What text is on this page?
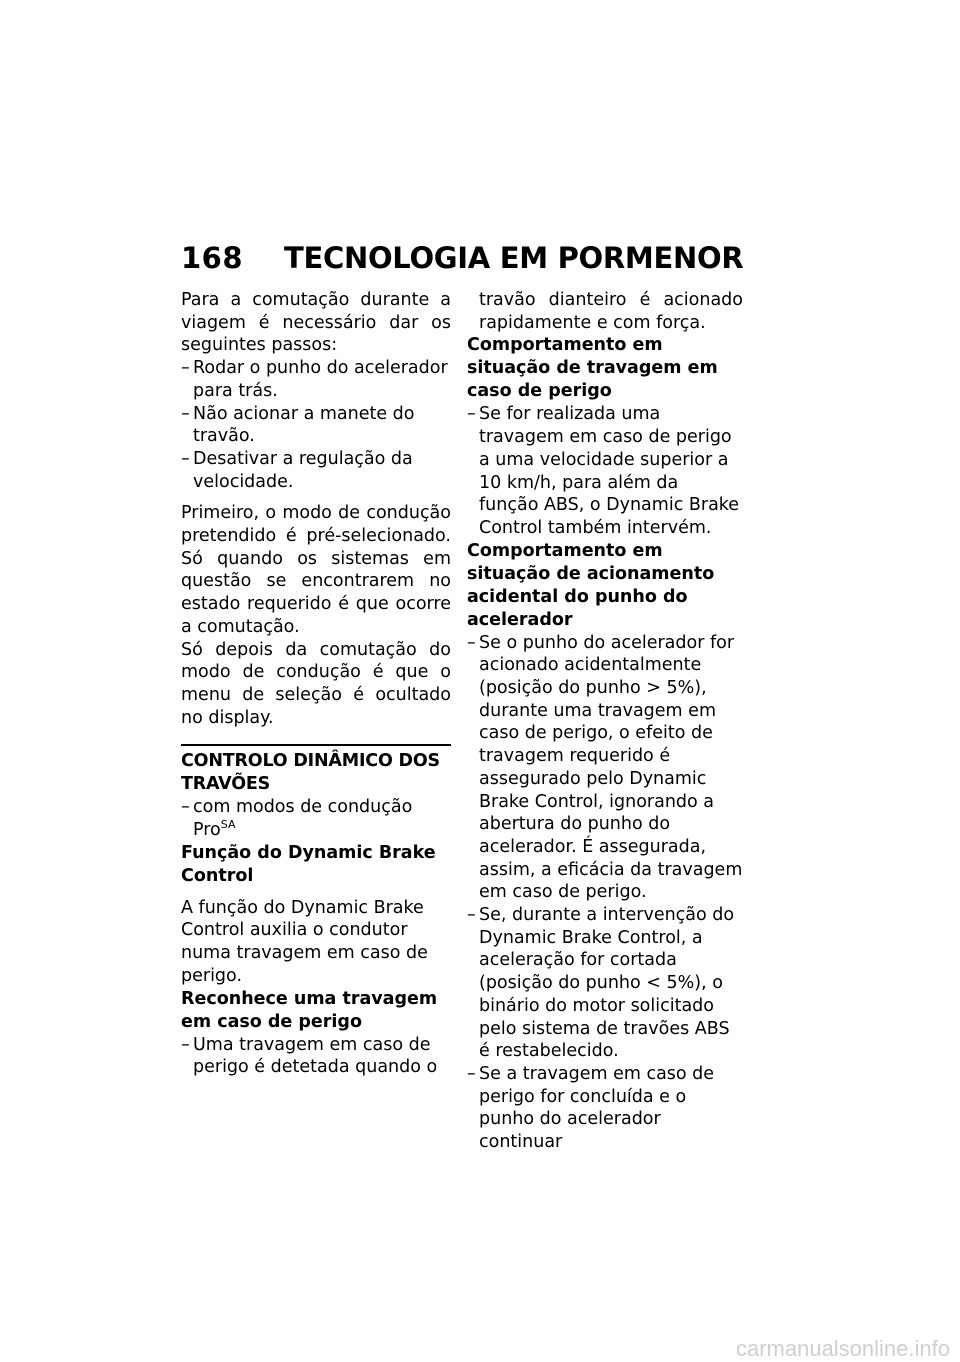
168 TECNOLOGIA EM PORMENOR

Para a comutação durante a viagem é necessário dar os seguintes passos:

– Rodar o punho do acelerador para trás.
– Não acionar a manete do travão.
– Desativar a regulação da velocidade.

Primeiro, o modo de condução pretendido é pré-selecionado. Só quando os sistemas em questão se encontrarem no estado requerido é que ocorre a comutação.

Só depois da comutação do modo de condução é que o menu de seleção é ocultado no display.

CONTROLO DINÂMICO DOS TRAVÕES
– com modos de condução Pro$^{SA}$
Função do Dynamic Brake Control

A função do Dynamic Brake Control auxilia o condutor numa travagem em caso de perigo.

Reconhece uma travagem em caso de perigo
– Uma travagem em caso de perigo é detetada quando o

travão dianteiro é acionado rapidamente e com força.

Comportamento em situação de travagem em caso de perigo
– Se for realizada uma travagem em caso de perigo a uma velocidade superior a 10 km/h, para além da função ABS, o Dynamic Brake Control também intervém.
Comportamento em situação de acionamento acidental do punho do acelerador
– Se o punho do acelerador for acionado acidentalmente (posição do punho > 5%), durante uma travagem em caso de perigo, o efeito de travagem requerido é assegurado pelo Dynamic Brake Control, ignorando a abertura do punho do acelerador. É assegurada, assim, a eficácia da travagem em caso de perigo.
– Se, durante a intervenção do Dynamic Brake Control, a aceleração for cortada (posição do punho < 5%), o binário do motor solicitado pelo sistema de travões ABS é restabelecido.
– Se a travagem em caso de perigo for concluída e o punho do acelerador continuar
carmanualsonline.info
